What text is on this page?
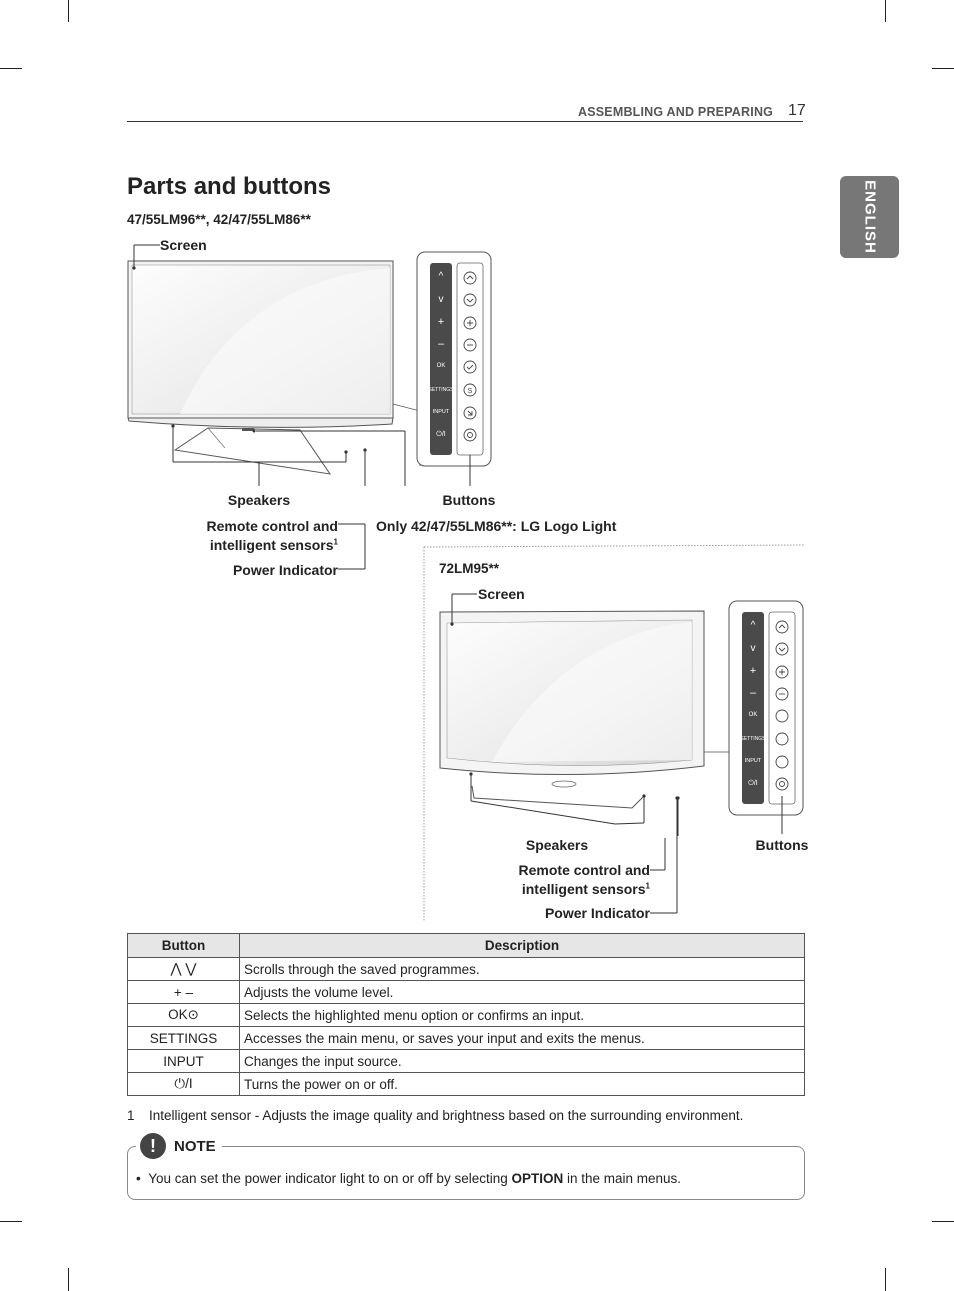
ASSEMBLING AND PREPARING 17
ENGLISH
Parts and buttons
47/55LM96**, 42/47/55LM86**
^
v
+
–
OK
SETTINGS
INPUT
⏻/I
S
Screen
Speakers	Buttons
Remote control and
intelligent sensors$^1$
Power Indicator
Only 42/47/55LM86**: LG Logo Light
72LM95**
^
v
+
–
OK
SETTINGS
INPUT
⏻/I
Screen
Speakers	Buttons
Remote control and
intelligent sensors$^1$
Power Indicator
Button	Description
⋀ ⋁	Scrolls through the saved programmes.
+ –	Adjusts the volume level.
OK⊙	Selects the highlighted menu option or confirms an input.
SETTINGS	Accesses the main menu, or saves your input and exits the menus.
INPUT	Changes the input source.
⏻/I	Turns the power on or off.
1 Intelligent sensor - Adjusts the image quality and brightness based on the surrounding environment.
!	NOTE
• You can set the power indicator light to on or off by selecting OPTION in the main menus.
